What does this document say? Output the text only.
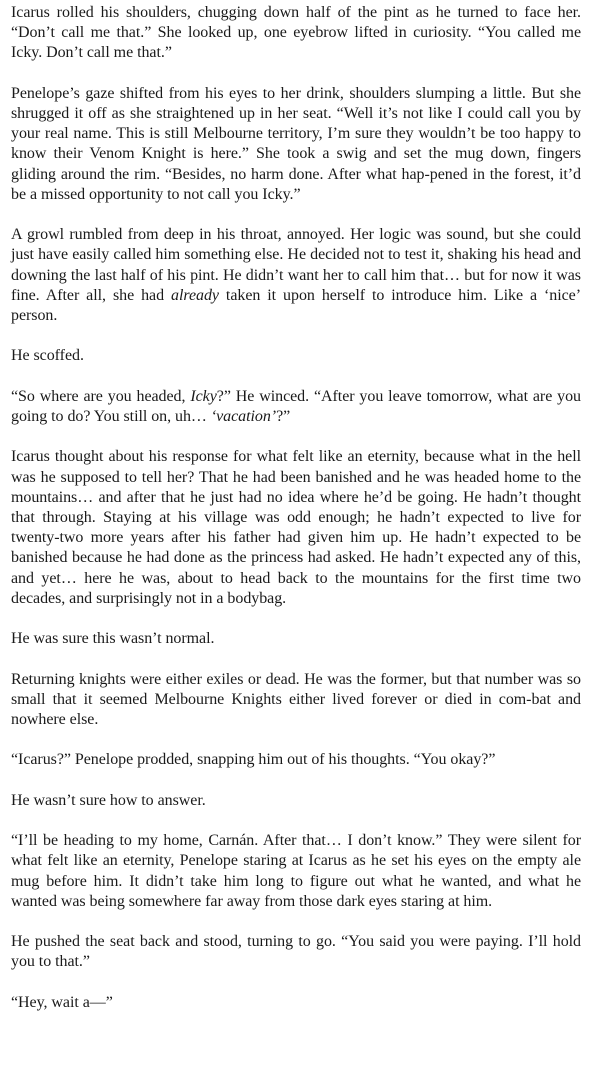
Icarus rolled his shoulders, chugging down half of the pint as he turned to face her. “Don’t call me that.” She looked up, one eyebrow lifted in curiosity. “You called me Icky. Don’t call me that.”

Penelope’s gaze shifted from his eyes to her drink, shoulders slumping a little. But she shrugged it off as she straightened up in her seat. “Well it’s not like I could call you by your real name. This is still Melbourne territory, I’m sure they wouldn’t be too happy to know their Venom Knight is here.” She took a swig and set the mug down, fingers gliding around the rim. “Besides, no harm done. After what hap-pened in the forest, it’d be a missed opportunity to not call you Icky.”

A growl rumbled from deep in his throat, annoyed. Her logic was sound, but she could just have easily called him something else. He decided not to test it, shaking his head and downing the last half of his pint. He didn’t want her to call him that… but for now it was fine. After all, she had already taken it upon herself to introduce him. Like a ‘nice’ person.

He scoffed.

“So where are you headed, Icky?” He winced. “After you leave tomorrow, what are you going to do? You still on, uh… ‘vacation’?”

Icarus thought about his response for what felt like an eternity, because what in the hell was he supposed to tell her? That he had been banished and he was headed home to the mountains… and after that he just had no idea where he’d be going. He hadn’t thought that through. Staying at his village was odd enough; he hadn’t expected to live for twenty-two more years after his father had given him up. He hadn’t expected to be banished because he had done as the princess had asked. He hadn’t expected any of this, and yet… here he was, about to head back to the mountains for the first time two decades, and surprisingly not in a bodybag.

He was sure this wasn’t normal.

Returning knights were either exiles or dead. He was the former, but that number was so small that it seemed Melbourne Knights either lived forever or died in com-bat and nowhere else.

“Icarus?” Penelope prodded, snapping him out of his thoughts. “You okay?”

He wasn’t sure how to answer.

“I’ll be heading to my home, Carnán. After that… I don’t know.” They were silent for what felt like an eternity, Penelope staring at Icarus as he set his eyes on the empty ale mug before him. It didn’t take him long to figure out what he wanted, and what he wanted was being somewhere far away from those dark eyes staring at him.

He pushed the seat back and stood, turning to go. “You said you were paying. I’ll hold you to that.”

“Hey, wait a—”
